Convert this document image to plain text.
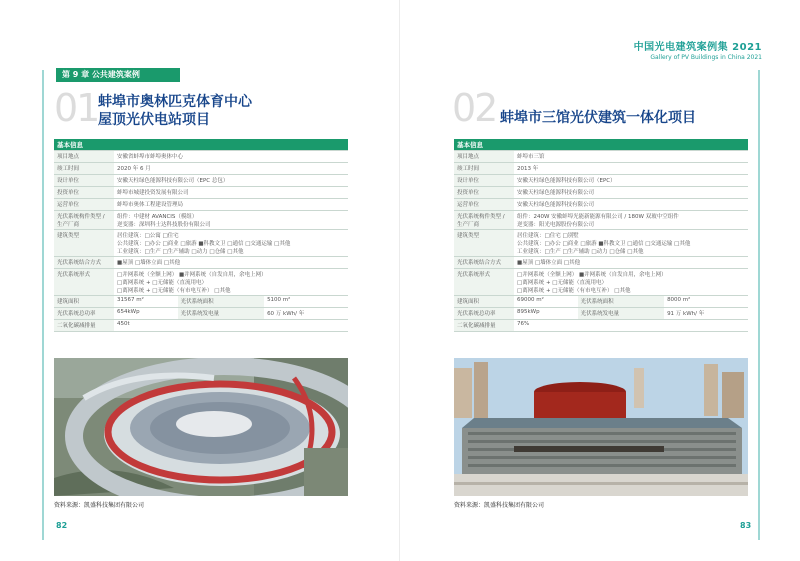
第 9 章 公共建筑案例
01 蚌埠市奥林匹克体育中心
屋顶光伏电站项目
基本信息			
项目地点	安徽省蚌埠市蚌埠奥体中心		
竣工时间	2020 年 6 月		
设计单位	安徽天柱绿色能源科技有限公司（EPC 总包）		
投资单位	蚌埠市城建投资发展有限公司		
运营单位	蚌埠市奥体工程建设管理局		
光伏系统构件类型 / 生产厂商	组件：中建材 AVANCIS（模组）
逆变器：深圳科士达科技股份有限公司		
建筑类型	居住建筑：□公寓 □住宅
公共建筑：□办公 □商业 □旅游 ■科教文卫 □通信 □交通运输 □其他
工业建筑：□生产 □生产辅助 □动力 □仓储 □其他		
光伏系统结合方式	■屋顶 □墙体立面 □其他		
光伏系统形式	□并网系统（全额上网） ■并网系统（自发自用，余电上网）
□离网系统 + □无储能（直流用电）
□离网系统 + □无储能（有市电互补） □其他		
建筑面积	31567 m²	光伏系统面积	5100 m²
光伏系统总功率	654kWp	光伏系统发电量	60 万 kWh/ 年
二氧化碳减排量	450t		
资料来源：凯盛科技集团有限公司
82
中国光电建筑案例集 2021
Gallery of PV Buildings in China 2021
02 蚌埠市三馆光伏建筑一体化项目
基本信息			
项目地点	蚌埠市三馆		
竣工时间	2013 年		
设计单位	安徽天柱绿色能源科技有限公司（EPC）		
投资单位	安徽天柱绿色能源科技有限公司		
运营单位	安徽天柱绿色能源科技有限公司		
光伏系统构件类型 / 生产厂商	组件：240W 安徽蚌埠光能新能源有限公司 / 180W 双玻中空组件
逆变器：阳光电源股份有限公司		
建筑类型	居住建筑：□住宅 □别墅
公共建筑：□办公 □商业 □旅游 ■科教文卫 □通信 □交通运输 □其他
工业建筑：□生产 □生产辅助 □动力 □仓储 □其他		
光伏系统结合方式	■屋顶 □墙体立面 □其他		
光伏系统形式	□并网系统（全额上网） ■并网系统（自发自用，余电上网）
□离网系统 + □无储能（直流用电）
□离网系统 + □无储能（有市电互补） □其他		
建筑面积	69000 m²	光伏系统面积	8000 m²
光伏系统总功率	895kWp	光伏系统发电量	91 万 kWh/ 年
二氧化碳减排量	76%		
资料来源：凯盛科技集团有限公司
83
